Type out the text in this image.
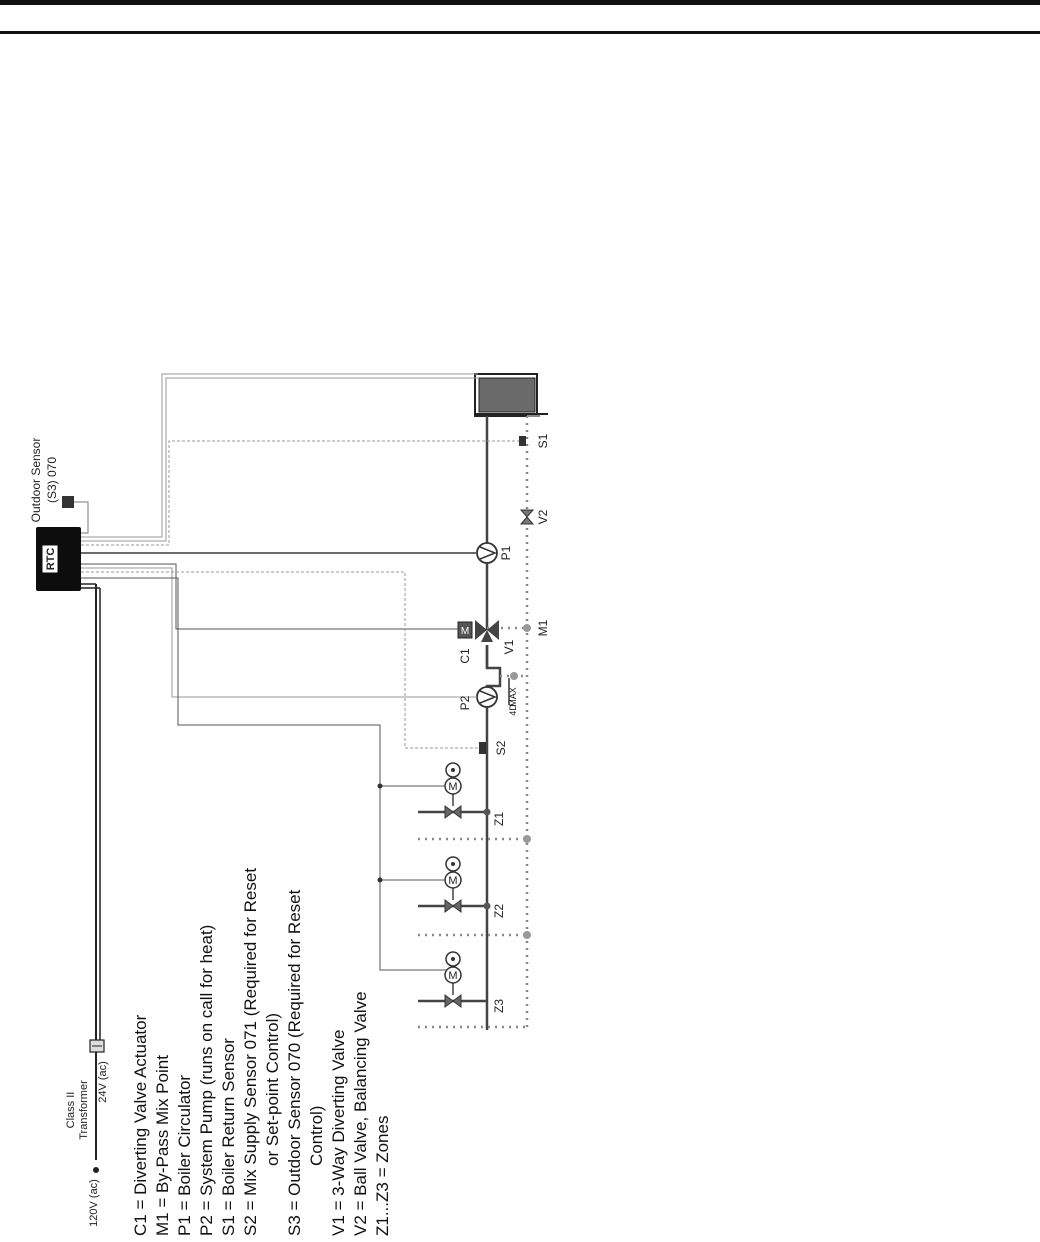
M
M
M
M
MAX
4D
RTC
Outdoor Sensor (S3) 070
S1
V2
P1
M1
V1
C1
P2
S2
Z1
Z2
Z3
Class II Transformer
120V (ac)
24V (ac) C1 = Diverting Valve Actuator M1 = By-Pass Mix Point P1 = Boiler Circulator P2 = System Pump (runs on call for heat) S1 = Boiler Return Sensor S2 = Mix Supply Sensor 071 (Required for Reset or Set-point Control) S3 = Outdoor Sensor 070 (Required for Reset Control) V1 = 3-Way Diverting Valve V2 = Ball Valve, Balancing Valve Z1...Z3 = Zones
